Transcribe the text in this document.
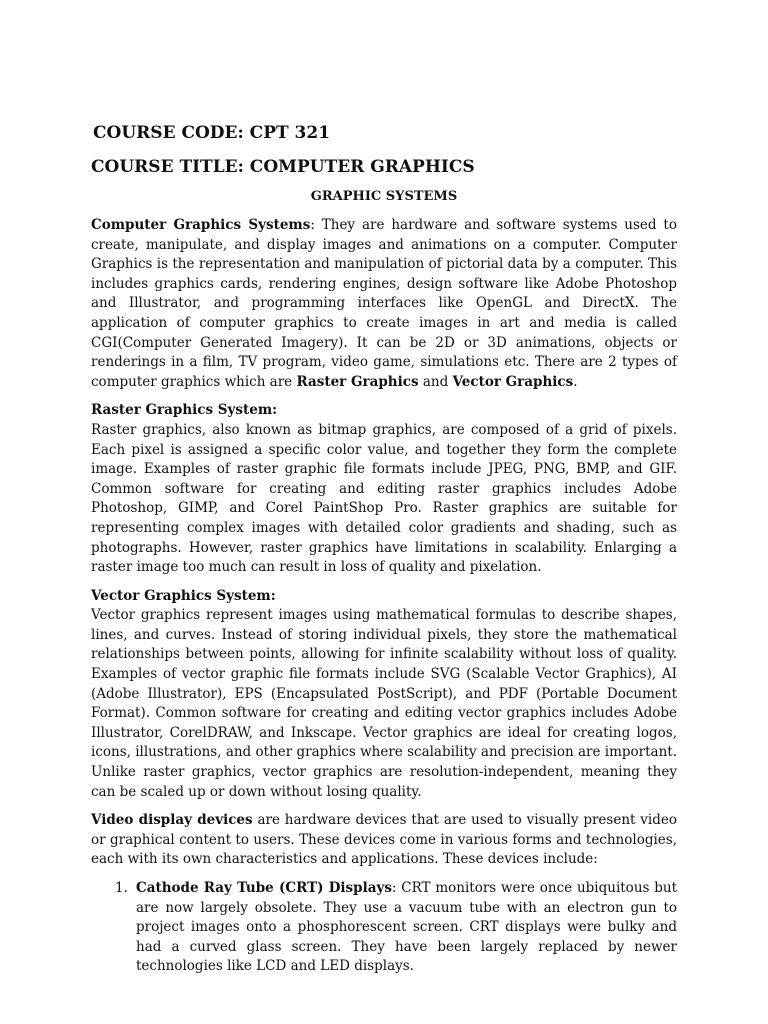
COURSE CODE: CPT 321
COURSE TITLE: COMPUTER GRAPHICS
GRAPHIC SYSTEMS

Computer Graphics Systems: They are hardware and software systems used to create, manipulate, and display images and animations on a computer. Computer Graphics is the representation and manipulation of pictorial data by a computer. This includes graphics cards, rendering engines, design software like Adobe Photoshop and Illustrator, and programming interfaces like OpenGL and DirectX. The application of computer graphics to create images in art and media is called CGI(Computer Generated Imagery). It can be 2D or 3D animations, objects or renderings in a film, TV program, video game, simulations etc. There are 2 types of computer graphics which are Raster Graphics and Vector Graphics.

Raster Graphics System:
Raster graphics, also known as bitmap graphics, are composed of a grid of pixels. Each pixel is assigned a specific color value, and together they form the complete image. Examples of raster graphic file formats include JPEG, PNG, BMP, and GIF. Common software for creating and editing raster graphics includes Adobe Photoshop, GIMP, and Corel PaintShop Pro. Raster graphics are suitable for representing complex images with detailed color gradients and shading, such as photographs. However, raster graphics have limitations in scalability. Enlarging a raster image too much can result in loss of quality and pixelation.

Vector Graphics System:
Vector graphics represent images using mathematical formulas to describe shapes, lines, and curves. Instead of storing individual pixels, they store the mathematical relationships between points, allowing for infinite scalability without loss of quality. Examples of vector graphic file formats include SVG (Scalable Vector Graphics), AI (Adobe Illustrator), EPS (Encapsulated PostScript), and PDF (Portable Document Format). Common software for creating and editing vector graphics includes Adobe Illustrator, CorelDRAW, and Inkscape. Vector graphics are ideal for creating logos, icons, illustrations, and other graphics where scalability and precision are important. Unlike raster graphics, vector graphics are resolution-independent, meaning they can be scaled up or down without losing quality.

Video display devices are hardware devices that are used to visually present video or graphical content to users. These devices come in various forms and technologies, each with its own characteristics and applications. These devices include:

1. Cathode Ray Tube (CRT) Displays: CRT monitors were once ubiquitous but are now largely obsolete. They use a vacuum tube with an electron gun to project images onto a phosphorescent screen. CRT displays were bulky and had a curved glass screen. They have been largely replaced by newer technologies like LCD and LED displays.
